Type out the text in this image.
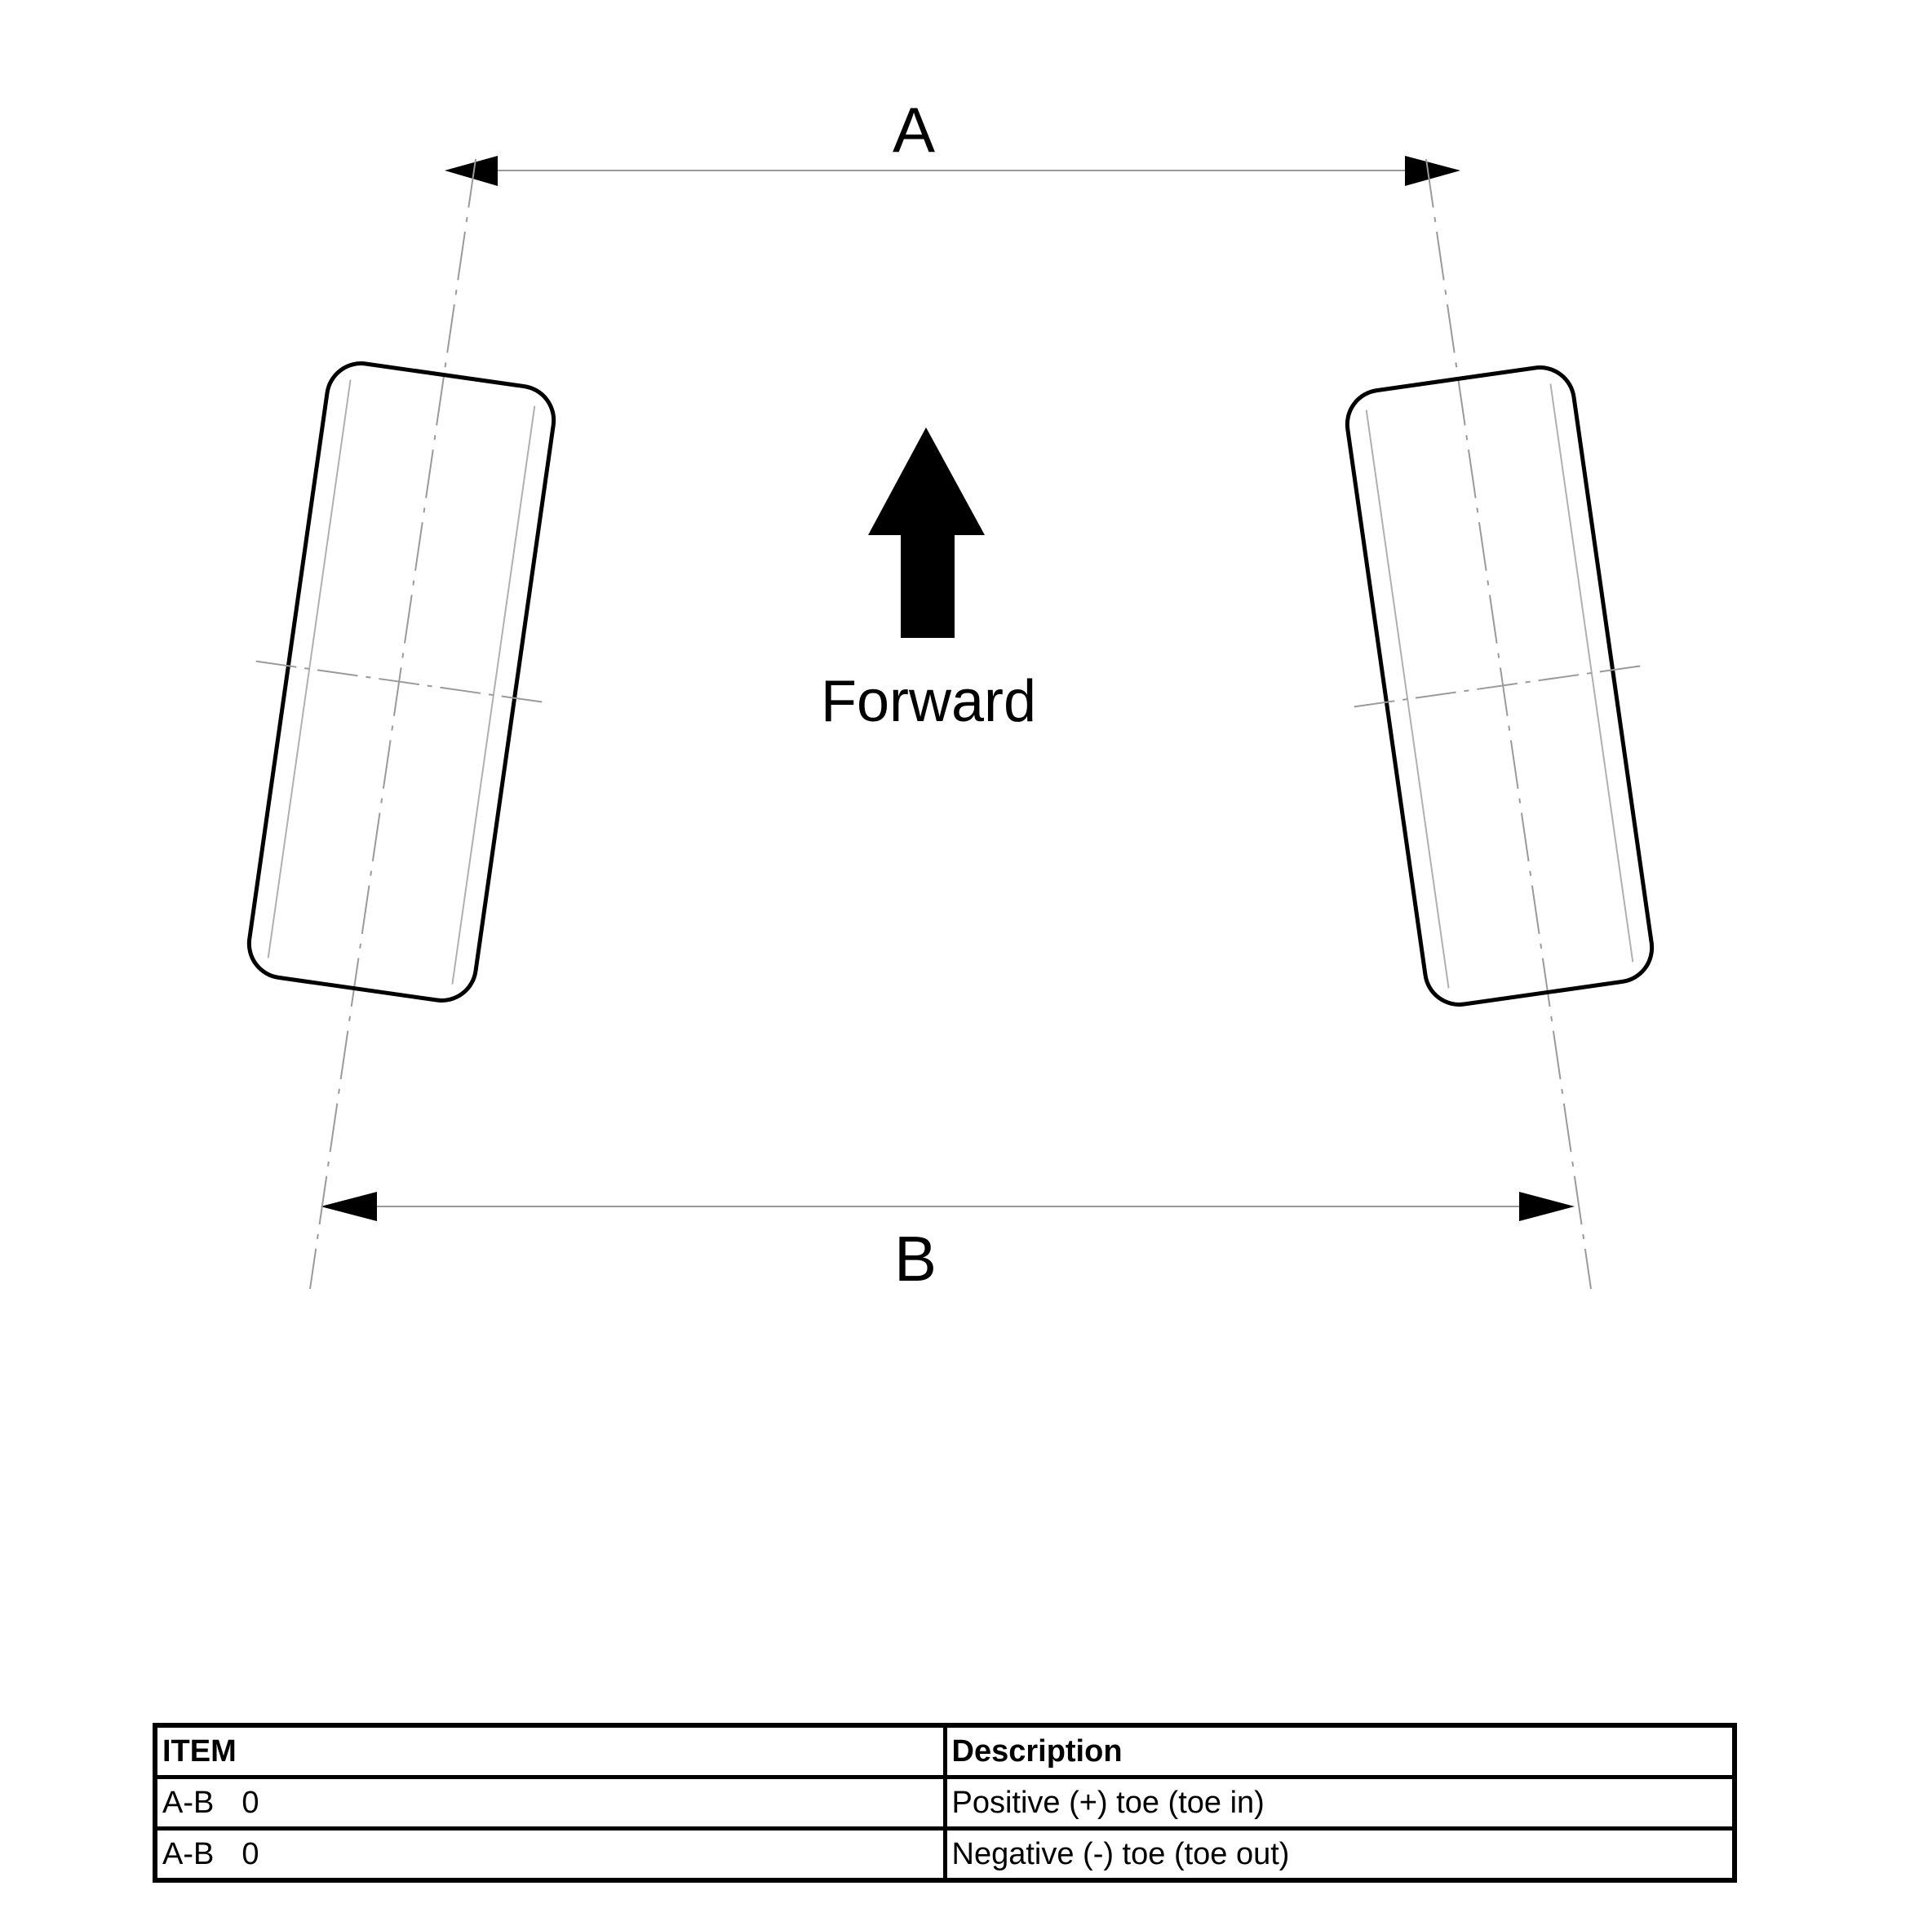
A
B
Forward
ITEM	Description
A-B 0	Positive (+) toe (toe in)
A-B 0	Negative (-) toe (toe out)
